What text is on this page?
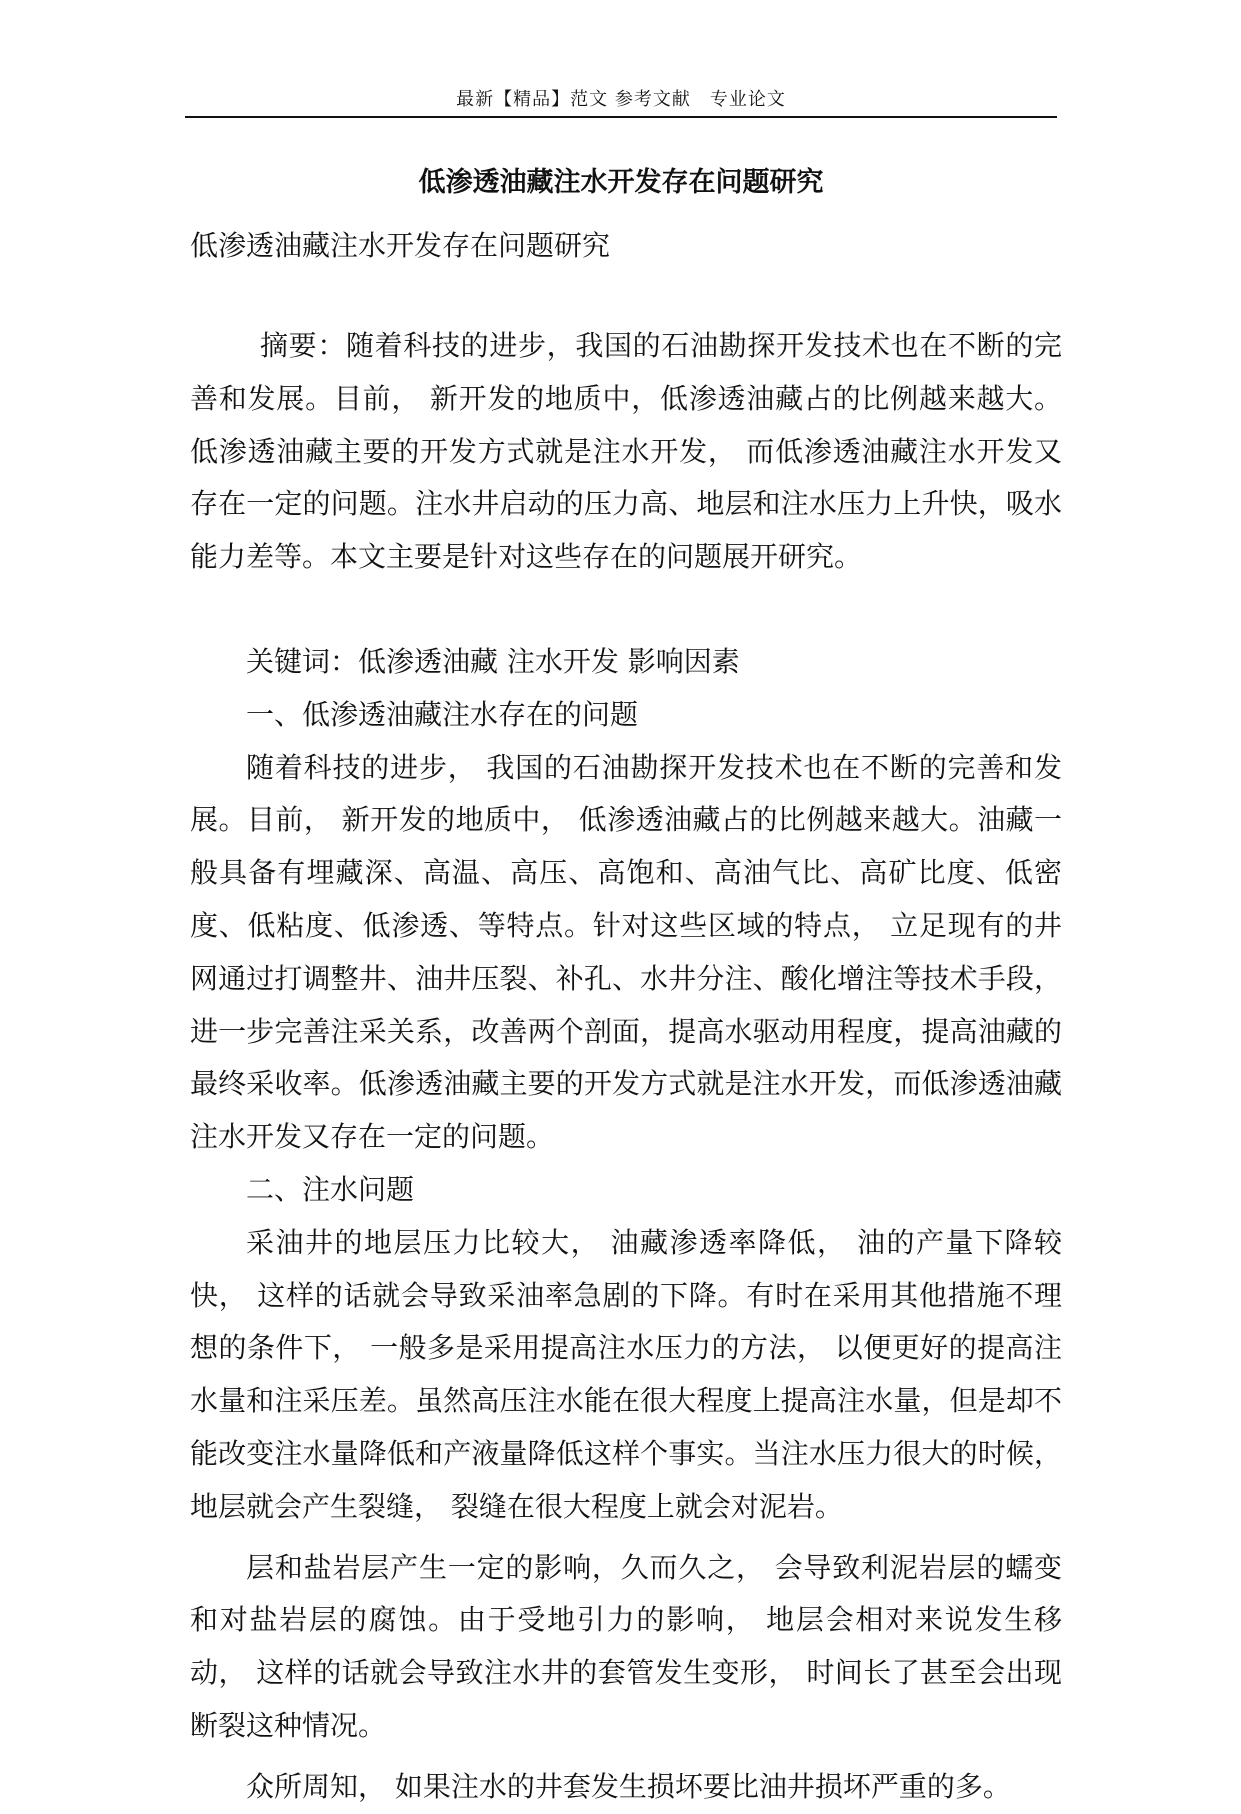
最新【精品】范文 参考文献　专业论文
低渗透油藏注水开发存在问题研究

低渗透油藏注水开发存在问题研究

摘要：随着科技的进步，我国的石油勘探开发技术也在不断的完善和发展。目前， 新开发的地质中，低渗透油藏占的比例越来越大。低渗透油藏主要的开发方式就是注水开发， 而低渗透油藏注水开发又存在一定的问题。注水井启动的压力高、地层和注水压力上升快，吸水能力差等。本文主要是针对这些存在的问题展开研究。

关键词：低渗透油藏 注水开发 影响因素

一、低渗透油藏注水存在的问题

随着科技的进步， 我国的石油勘探开发技术也在不断的完善和发展。目前， 新开发的地质中， 低渗透油藏占的比例越来越大。油藏一般具备有埋藏深、高温、高压、高饱和、高油气比、高矿比度、低密度、低粘度、低渗透、等特点。针对这些区域的特点， 立足现有的井网通过打调整井、油井压裂、补孔、水井分注、酸化增注等技术手段，进一步完善注采关系，改善两个剖面，提高水驱动用程度，提高油藏的最终采收率。低渗透油藏主要的开发方式就是注水开发，而低渗透油藏注水开发又存在一定的问题。

二、注水问题

采油井的地层压力比较大， 油藏渗透率降低， 油的产量下降较快， 这样的话就会导致采油率急剧的下降。有时在采用其他措施不理想的条件下， 一般多是采用提高注水压力的方法， 以便更好的提高注水量和注采压差。虽然高压注水能在很大程度上提高注水量，但是却不能改变注水量降低和产液量降低这样个事实。当注水压力很大的时候， 地层就会产生裂缝， 裂缝在很大程度上就会对泥岩。

层和盐岩层产生一定的影响，久而久之， 会导致利泥岩层的蠕变和对盐岩层的腐蚀。由于受地引力的影响， 地层会相对来说发生移动， 这样的话就会导致注水井的套管发生变形， 时间长了甚至会出现断裂这种情况。

众所周知， 如果注水的井套发生损坏要比油井损坏严重的多。
